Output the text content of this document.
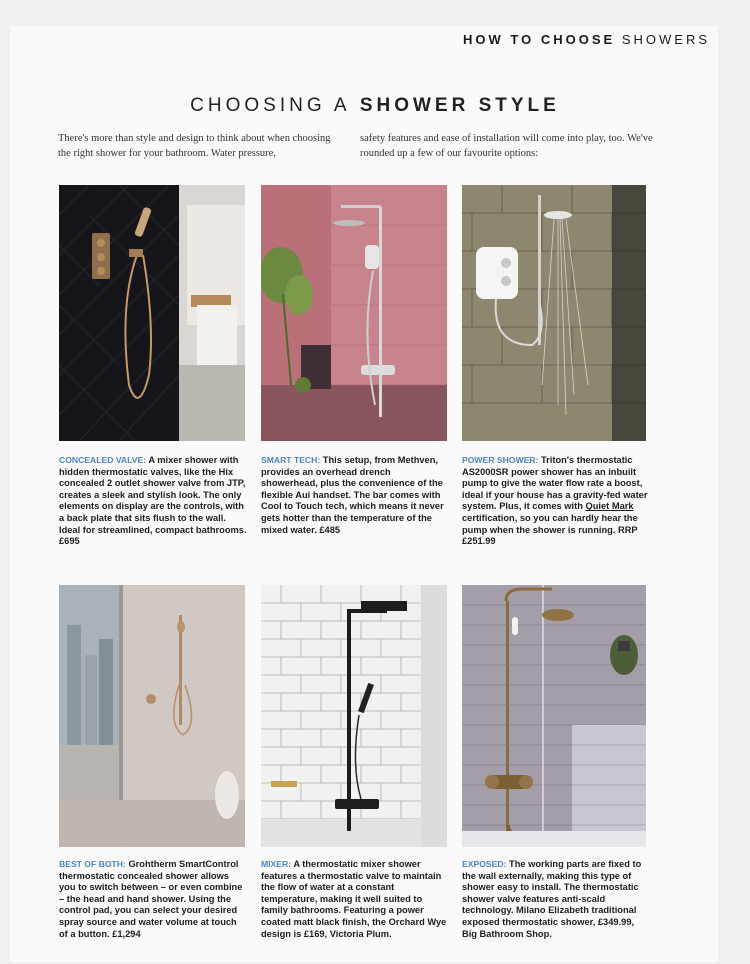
HOW TO CHOOSE SHOWERS
CHOOSING A SHOWER STYLE

There's more than style and design to think about when choosing the right shower for your bathroom. Water pressure,

safety features and ease of installation will come into play, too. We've rounded up a few of our favourite options:

CONCEALED VALVE: A mixer shower with hidden thermostatic valves, like the Hix concealed 2 outlet shower valve from JTP, creates a sleek and stylish look. The only elements on display are the controls, with a back plate that sits flush to the wall. Ideal for streamlined, compact bathrooms. £695

SMART TECH: This setup, from Methven, provides an overhead drench showerhead, plus the convenience of the flexible Aui handset. The bar comes with Cool to Touch tech, which means it never gets hotter than the temperature of the mixed water. £485

POWER SHOWER: Triton's thermostatic AS2000SR power shower has an inbuilt pump to give the water flow rate a boost, ideal if your house has a gravity-fed water system. Plus, it comes with Quiet Mark certification, so you can hardly hear the pump when the shower is running. RRP £251.99

BEST OF BOTH: Grohtherm SmartControl thermostatic concealed shower allows you to switch between – or even combine – the head and hand shower. Using the control pad, you can select your desired spray source and water volume at touch of a button. £1,294

MIXER: A thermostatic mixer shower features a thermostatic valve to maintain the flow of water at a constant temperature, making it well suited to family bathrooms. Featuring a power coated matt black finish, the Orchard Wye design is £169, Victoria Plum.

EXPOSED: The working parts are fixed to the wall externally, making this type of shower easy to install. The thermostatic shower valve features anti-scald technology. Milano Elizabeth traditional exposed thermostatic shower, £349.99, Big Bathroom Shop.
